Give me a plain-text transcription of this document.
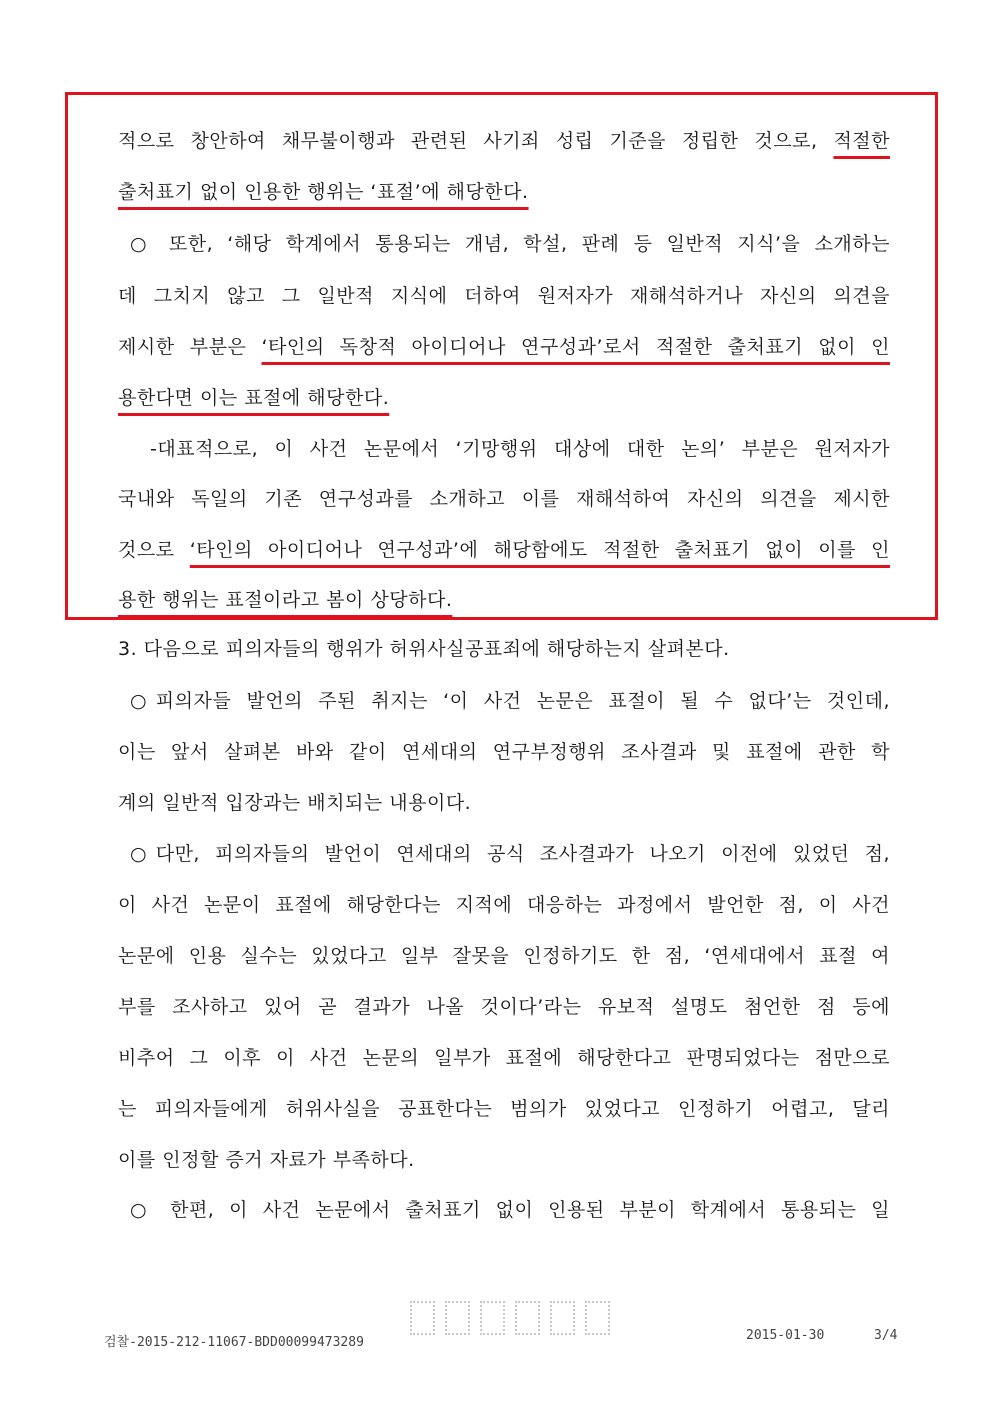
적으로 창안하여 채무불이행과 관련된 사기죄 성립 기준을 정립한 것으로, 적절한
출처표기 없이 인용한 행위는 ‘표절’에 해당한다.
○ 또한, ‘해당 학계에서 통용되는 개념, 학설, 판례 등 일반적 지식’을 소개하는
데 그치지 않고 그 일반적 지식에 더하여 원저자가 재해석하거나 자신의 의견을
제시한 부분은 ‘타인의 독창적 아이디어나 연구성과’로서 적절한 출처표기 없이 인
용한다면 이는 표절에 해당한다.
-대표적으로, 이 사건 논문에서 ‘기망행위 대상에 대한 논의’ 부분은 원저자가
국내와 독일의 기존 연구성과를 소개하고 이를 재해석하여 자신의 의견을 제시한
것으로 ‘타인의 아이디어나 연구성과’에 해당함에도 적절한 출처표기 없이 이를 인
용한 행위는 표절이라고 봄이 상당하다.
3. 다음으로 피의자들의 행위가 허위사실공표죄에 해당하는지 살펴본다.
○피의자들 발언의 주된 취지는 ‘이 사건 논문은 표절이 될 수 없다’는 것인데,
이는 앞서 살펴본 바와 같이 연세대의 연구부정행위 조사결과 및 표절에 관한 학
계의 일반적 입장과는 배치되는 내용이다.
○다만, 피의자들의 발언이 연세대의 공식 조사결과가 나오기 이전에 있었던 점,
이 사건 논문이 표절에 해당한다는 지적에 대응하는 과정에서 발언한 점, 이 사건
논문에 인용 실수는 있었다고 일부 잘못을 인정하기도 한 점, ‘연세대에서 표절 여
부를 조사하고 있어 곧 결과가 나올 것이다’라는 유보적 설명도 첨언한 점 등에
비추어 그 이후 이 사건 논문의 일부가 표절에 해당한다고 판명되었다는 점만으로
는 피의자들에게 허위사실을 공표한다는 범의가 있었다고 인정하기 어렵고, 달리
이를 인정할 증거 자료가 부족하다.
○ 한편, 이 사건 논문에서 출처표기 없이 인용된 부분이 학계에서 통용되는 일
검찰-2015-212-11067-BDD00099473289	2015-01-30	3/4
